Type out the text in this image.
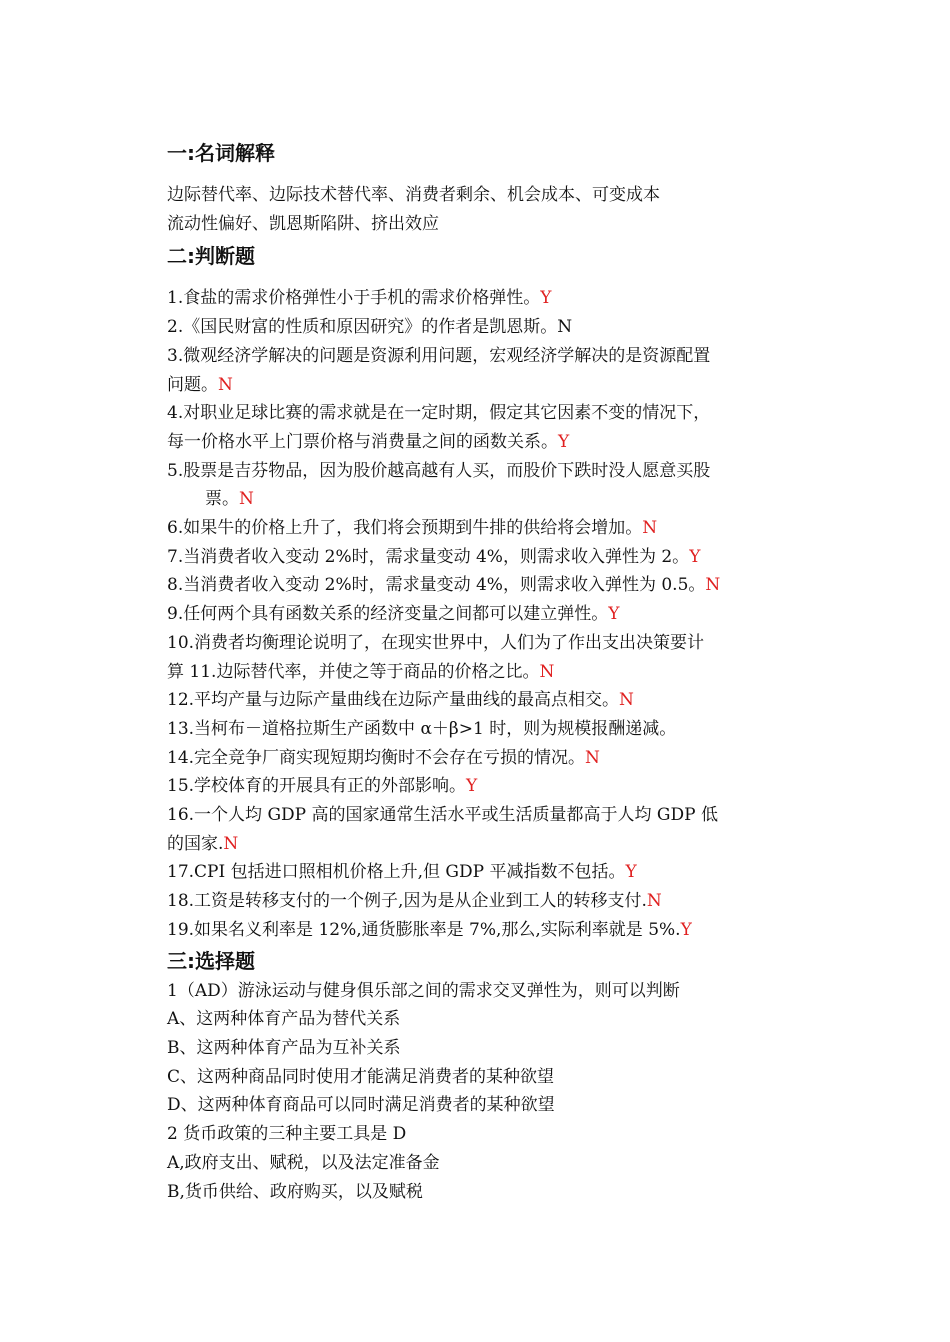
一:名词解释

边际替代率、边际技术替代率、消费者剩余、机会成本、可变成本

流动性偏好、凯恩斯陷阱、挤出效应

二:判断题

1.食盐的需求价格弹性小于手机的需求价格弹性。Y

2.《国民财富的性质和原因研究》的作者是凯恩斯。N

3.微观经济学解决的问题是资源利用问题，宏观经济学解决的是资源配置

问题。N

4.对职业足球比赛的需求就是在一定时期，假定其它因素不变的情况下，

每一价格水平上门票价格与消费量之间的函数关系。Y

5.股票是吉芬物品，因为股价越高越有人买，而股价下跌时没人愿意买股

票。N

6.如果牛的价格上升了，我们将会预期到牛排的供给将会增加。N

7.当消费者收入变动 2%时，需求量变动 4%，则需求收入弹性为 2。Y

8.当消费者收入变动 2%时，需求量变动 4%，则需求收入弹性为 0.5。N

9.任何两个具有函数关系的经济变量之间都可以建立弹性。Y

10.消费者均衡理论说明了，在现实世界中，人们为了作出支出决策要计

算 11.边际替代率，并使之等于商品的价格之比。N

12.平均产量与边际产量曲线在边际产量曲线的最高点相交。N

13.当柯布－道格拉斯生产函数中 α＋β>1 时，则为规模报酬递减。

14.完全竞争厂商实现短期均衡时不会存在亏损的情况。N

15.学校体育的开展具有正的外部影响。Y

16.一个人均 GDP 高的国家通常生活水平或生活质量都高于人均 GDP 低

的国家.N

17.CPI 包括进口照相机价格上升,但 GDP 平减指数不包括。Y

18.工资是转移支付的一个例子,因为是从企业到工人的转移支付.N

19.如果名义利率是 12%,通货膨胀率是 7%,那么,实际利率就是 5%.Y

三:选择题

1（AD）游泳运动与健身俱乐部之间的需求交叉弹性为，则可以判断

A、这两种体育产品为替代关系

B、这两种体育产品为互补关系

C、这两种商品同时使用才能满足消费者的某种欲望

D、这两种体育商品可以同时满足消费者的某种欲望

2 货币政策的三种主要工具是 D

A,政府支出、赋税，以及法定准备金

B,货币供给、政府购买，以及赋税
